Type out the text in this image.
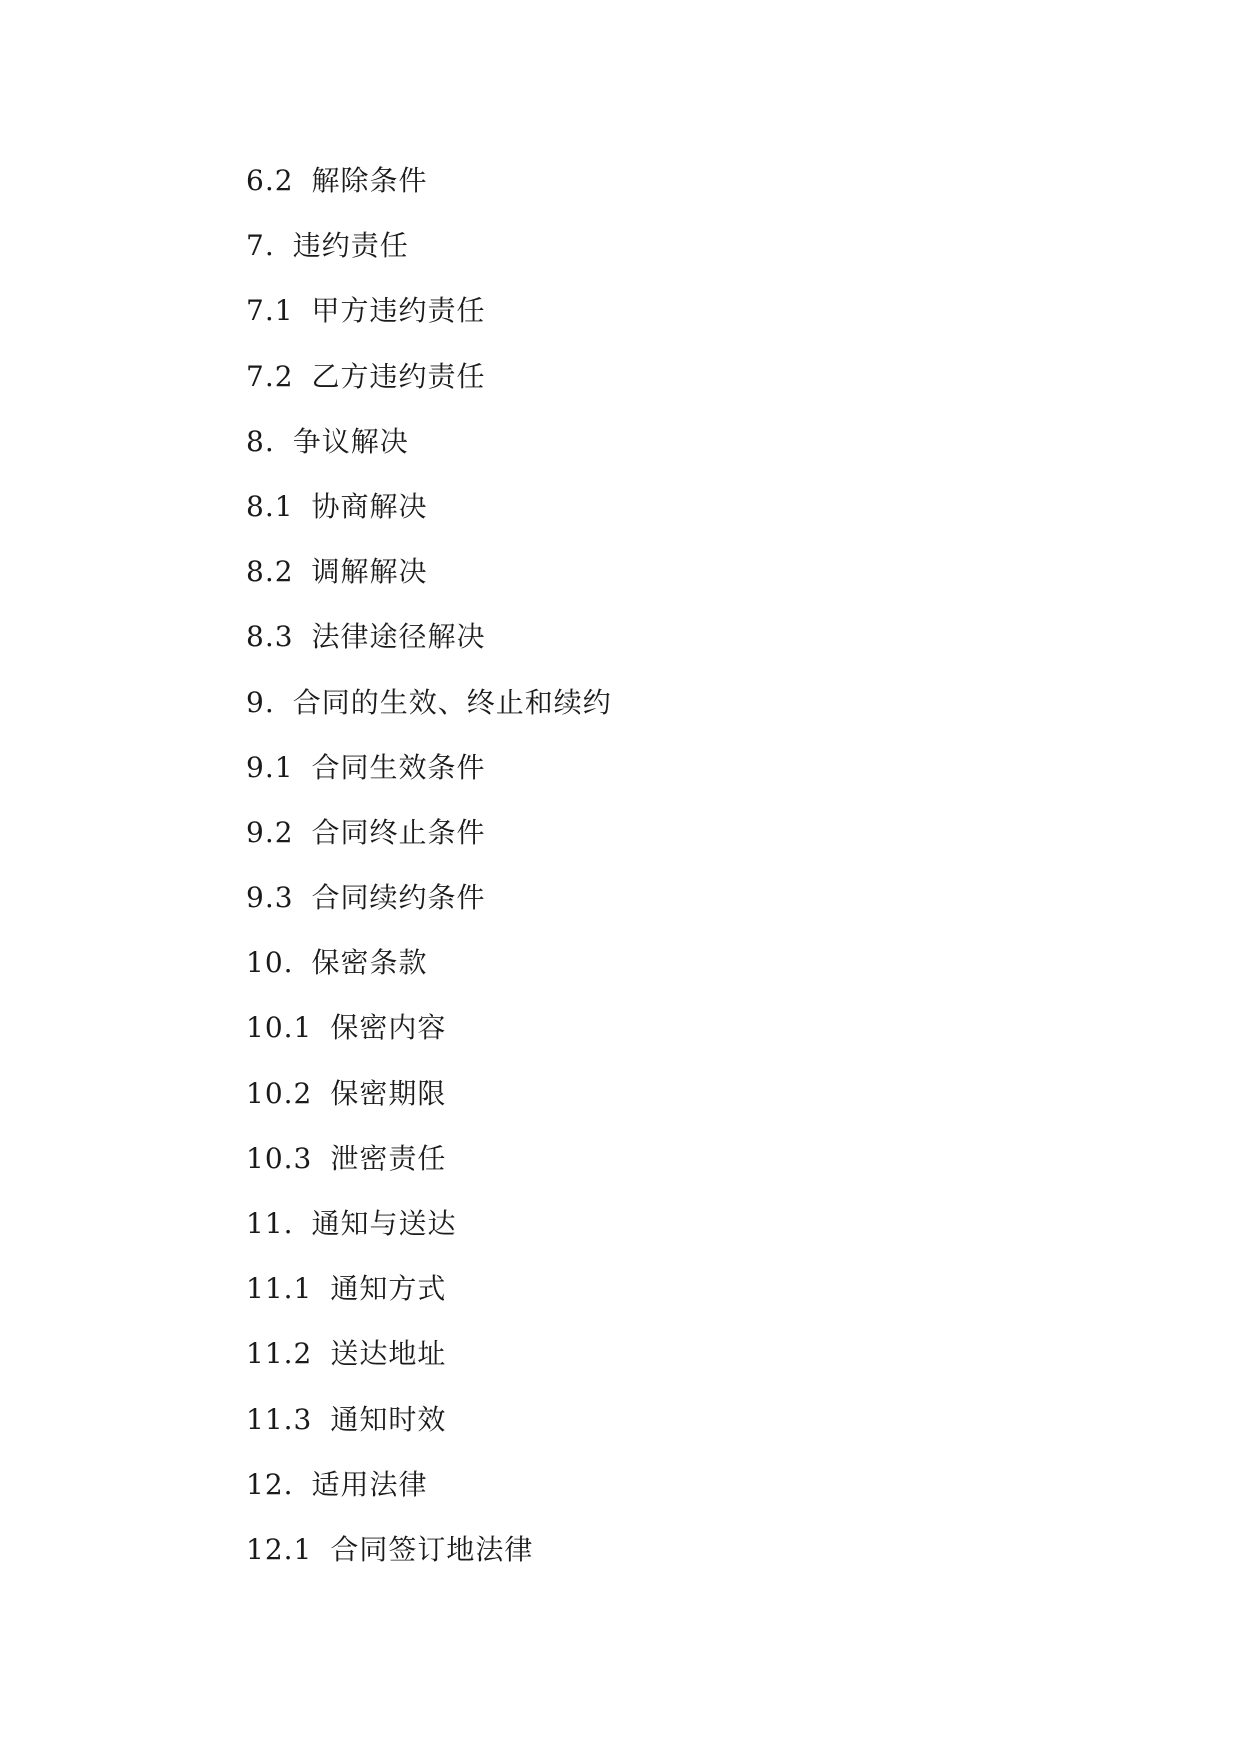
6.2 解除条件
7. 违约责任
7.1 甲方违约责任
7.2 乙方违约责任
8. 争议解决
8.1 协商解决
8.2 调解解决
8.3 法律途径解决
9. 合同的生效、终止和续约
9.1 合同生效条件
9.2 合同终止条件
9.3 合同续约条件
10. 保密条款
10.1 保密内容
10.2 保密期限
10.3 泄密责任
11. 通知与送达
11.1 通知方式
11.2 送达地址
11.3 通知时效
12. 适用法律
12.1 合同签订地法律
